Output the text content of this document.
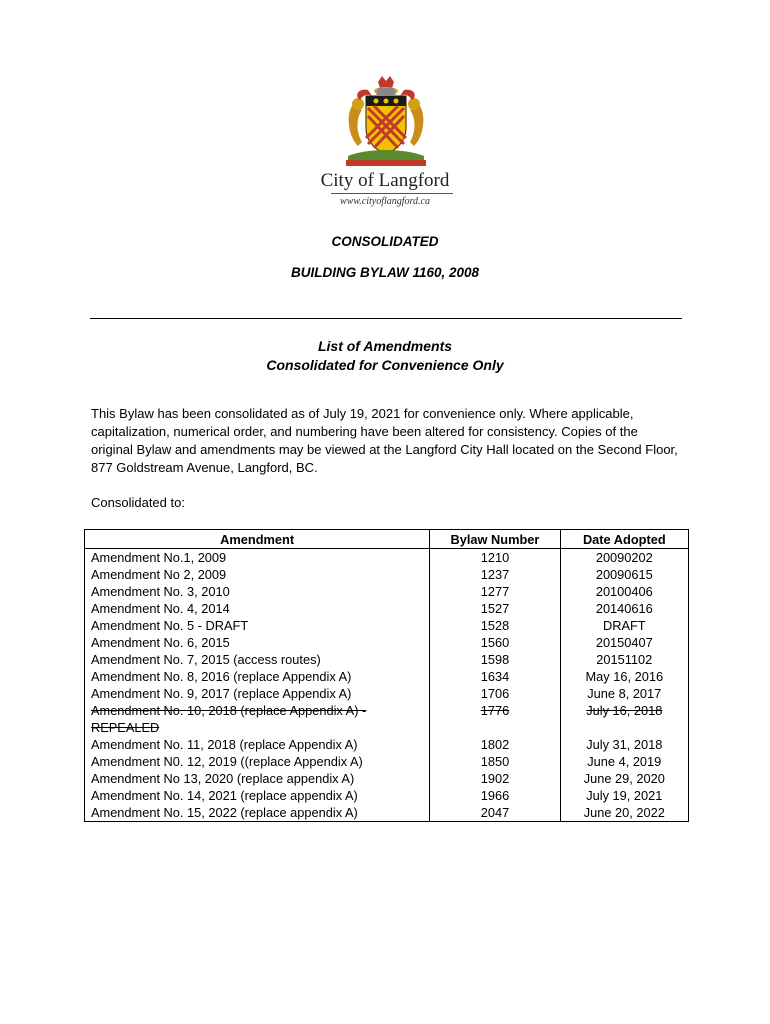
City of Langford
www.cityoflangford.ca
CONSOLIDATED
BUILDING BYLAW 1160, 2008
List of Amendments
Consolidated for Convenience Only
This Bylaw has been consolidated as of July 19, 2021 for convenience only. Where applicable, capitalization, numerical order, and numbering have been altered for consistency. Copies of the original Bylaw and amendments may be viewed at the Langford City Hall located on the Second Floor, 877 Goldstream Avenue, Langford, BC.
Consolidated to:
Amendment	Bylaw Number	Date Adopted
Amendment No.1, 2009	1210	20090202
Amendment No 2, 2009	1237	20090615
Amendment No. 3, 2010	1277	20100406
Amendment No. 4, 2014	1527	20140616
Amendment No. 5 - DRAFT	1528	DRAFT
Amendment No. 6, 2015	1560	20150407
Amendment No. 7, 2015 (access routes)	1598	20151102
Amendment No. 8, 2016 (replace Appendix A)	1634	May 16, 2016
Amendment No. 9, 2017 (replace Appendix A)	1706	June 8, 2017
Amendment No. 10, 2018 (replace Appendix A) - REPEALED	1776	July 16, 2018
Amendment No. 11, 2018 (replace Appendix A)	1802	July 31, 2018
Amendment N0. 12, 2019 ((replace Appendix A)	1850	June 4, 2019
Amendment No 13, 2020 (replace appendix A)	1902	June 29, 2020
Amendment No. 14, 2021 (replace appendix A)	1966	July 19, 2021
Amendment No. 15, 2022 (replace appendix A)	2047	June 20, 2022
